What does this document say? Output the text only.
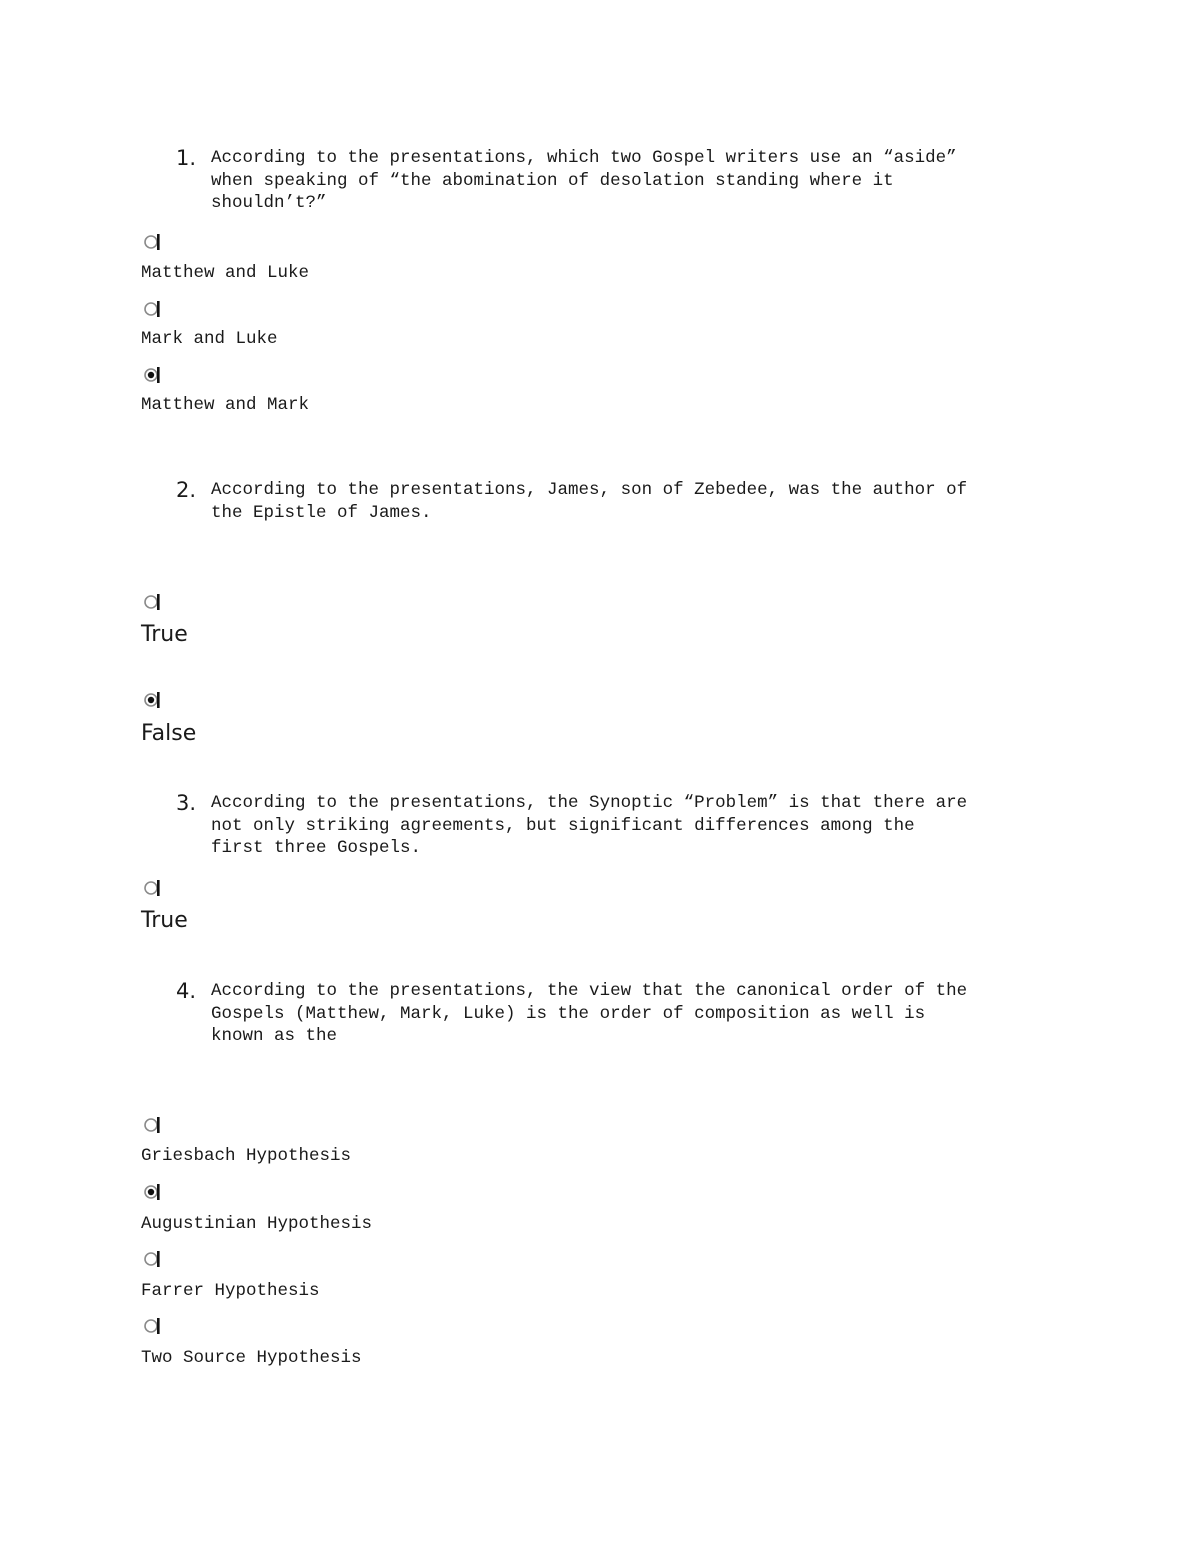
1. According to the presentations, which two Gospel writers use an “aside”
when speaking of “the abomination of desolation standing where it
shouldn’t?”
Matthew and Luke
Mark and Luke
Matthew and Mark
2. According to the presentations, James, son of Zebedee, was the author of
the Epistle of James.
True
False
3. According to the presentations, the Synoptic “Problem” is that there are
not only striking agreements, but significant differences among the
first three Gospels.
True
4. According to the presentations, the view that the canonical order of the
Gospels (Matthew, Mark, Luke) is the order of composition as well is
known as the
Griesbach Hypothesis
Augustinian Hypothesis
Farrer Hypothesis
Two Source Hypothesis
